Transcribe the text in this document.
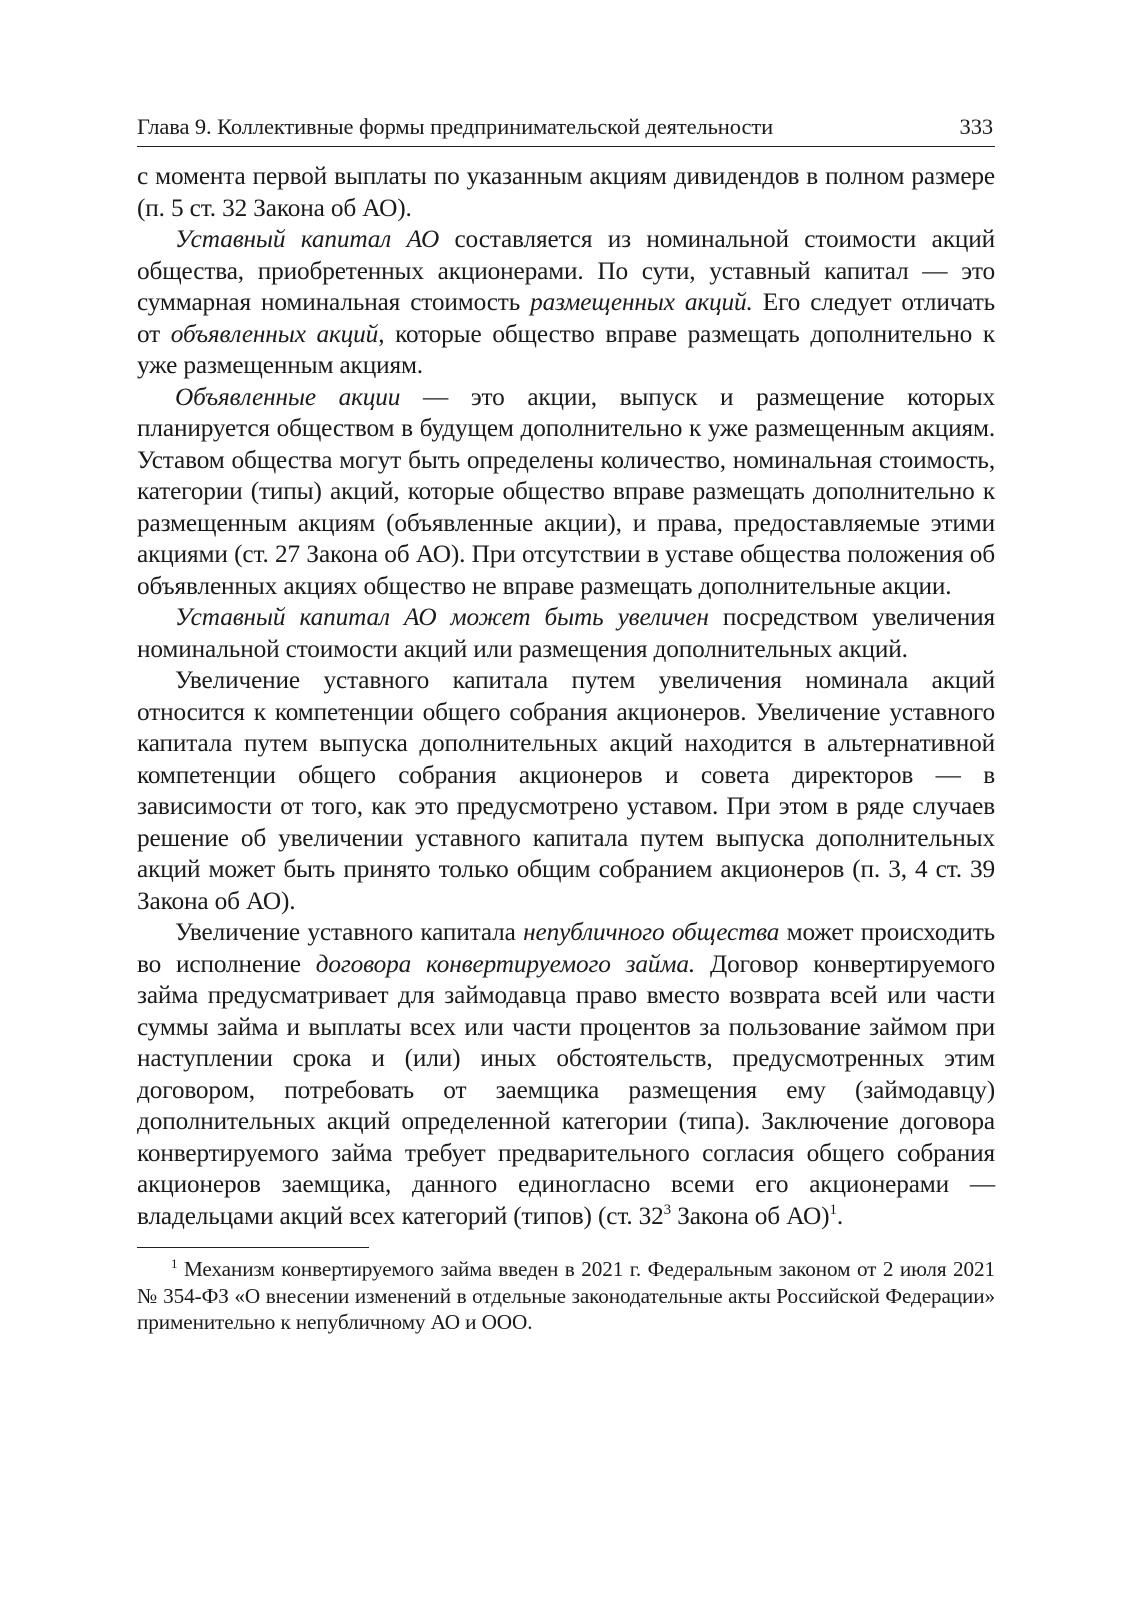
Глава 9. Коллективные формы предпринимательской деятельности	333

с момента первой выплаты по указанным акциям дивидендов в полном размере (п. 5 ст. 32 Закона об АО).

Уставный капитал АО составляется из номинальной стоимости акций общества, приобретенных акционерами. По сути, уставный капитал — это суммарная номинальная стоимость размещенных акций. Его следует отличать от объявленных акций, которые общество вправе размещать дополнительно к уже размещенным акциям.

Объявленные акции — это акции, выпуск и размещение которых планируется обществом в будущем дополнительно к уже размещенным акциям. Уставом общества могут быть определены количество, номинальная стоимость, категории (типы) акций, которые общество вправе размещать дополнительно к размещенным акциям (объявленные акции), и права, предоставляемые этими акциями (ст. 27 Закона об АО). При отсутствии в уставе общества положения об объявленных акциях общество не вправе размещать дополнительные акции.

Уставный капитал АО может быть увеличен посредством увеличения номинальной стоимости акций или размещения дополнительных акций.

Увеличение уставного капитала путем увеличения номинала акций относится к компетенции общего собрания акционеров. Увеличение уставного капитала путем выпуска дополнительных акций находится в альтернативной компетенции общего собрания акционеров и совета директоров — в зависимости от того, как это предусмотрено уставом. При этом в ряде случаев решение об увеличении уставного капитала путем выпуска дополнительных акций может быть принято только общим собранием акционеров (п. 3, 4 ст. 39 Закона об АО).

Увеличение уставного капитала непубличного общества может происходить во исполнение договора конвертируемого займа. Договор конвертируемого займа предусматривает для займодавца право вместо возврата всей или части суммы займа и выплаты всех или части процентов за пользование займом при наступлении срока и (или) иных обстоятельств, предусмотренных этим договором, потребовать от заемщика размещения ему (займодавцу) дополнительных акций определенной категории (типа). Заключение договора конвертируемого займа требует предварительного согласия общего собрания акционеров заемщика, данного единогласно всеми его акционерами — владельцами акций всех категорий (типов) (ст. $32^3$ Закона об АО)$^1$.

$^1$ Механизм конвертируемого займа введен в 2021 г. Федеральным законом от 2 июля 2021 № 354-ФЗ «О внесении изменений в отдельные законодательные акты Российской Федерации» применительно к непубличному АО и ООО.
